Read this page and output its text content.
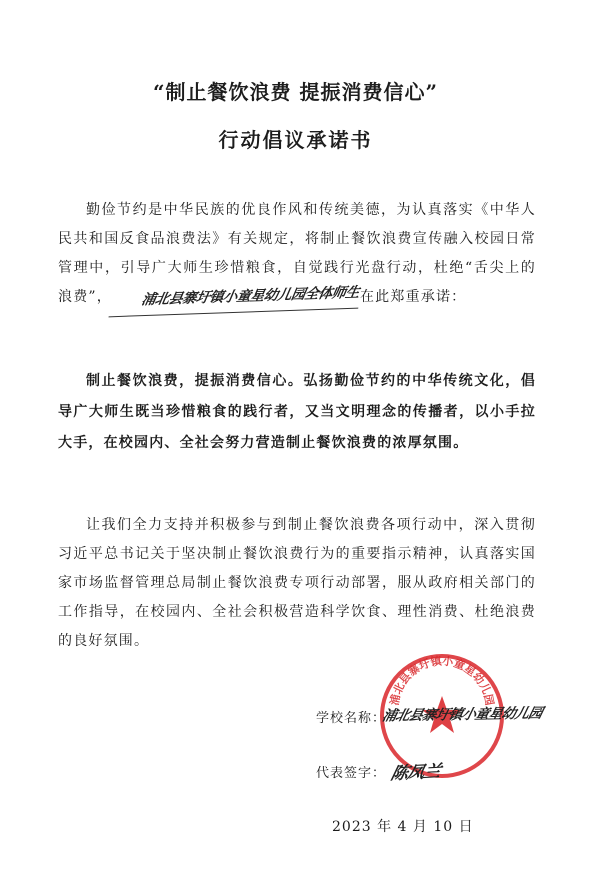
“制止餐饮浪费 提振消费信心”
行动倡议承诺书
勤俭节约是中华民族的优良作风和传统美德，为认真落实《中华人民共和国反食品浪费法》有关规定，将制止餐饮浪费宣传融入校园日常管理中，引导广大师生珍惜粮食，自觉践行光盘行动，杜绝“舌尖上的浪费”， 浦北县寨圩镇小童星幼儿园全体师生在此郑重承诺：
制止餐饮浪费，提振消费信心。弘扬勤俭节约的中华传统文化，倡导广大师生既当珍惜粮食的践行者，又当文明理念的传播者，以小手拉大手，在校园内、全社会努力营造制止餐饮浪费的浓厚氛围。
让我们全力支持并积极参与到制止餐饮浪费各项行动中，深入贯彻习近平总书记关于坚决制止餐饮浪费行为的重要指示精神，认真落实国家市场监督管理总局制止餐饮浪费专项行动部署，服从政府相关部门的工作指导，在校园内、全社会积极营造科学饮食、理性消费、杜绝浪费的良好氛围。
浦北县寨圩镇小童星幼儿园
学校名称：
浦北县寨圩镇小童星幼儿园
代表签字： 陈凤兰
2023 年 4 月 10 日
